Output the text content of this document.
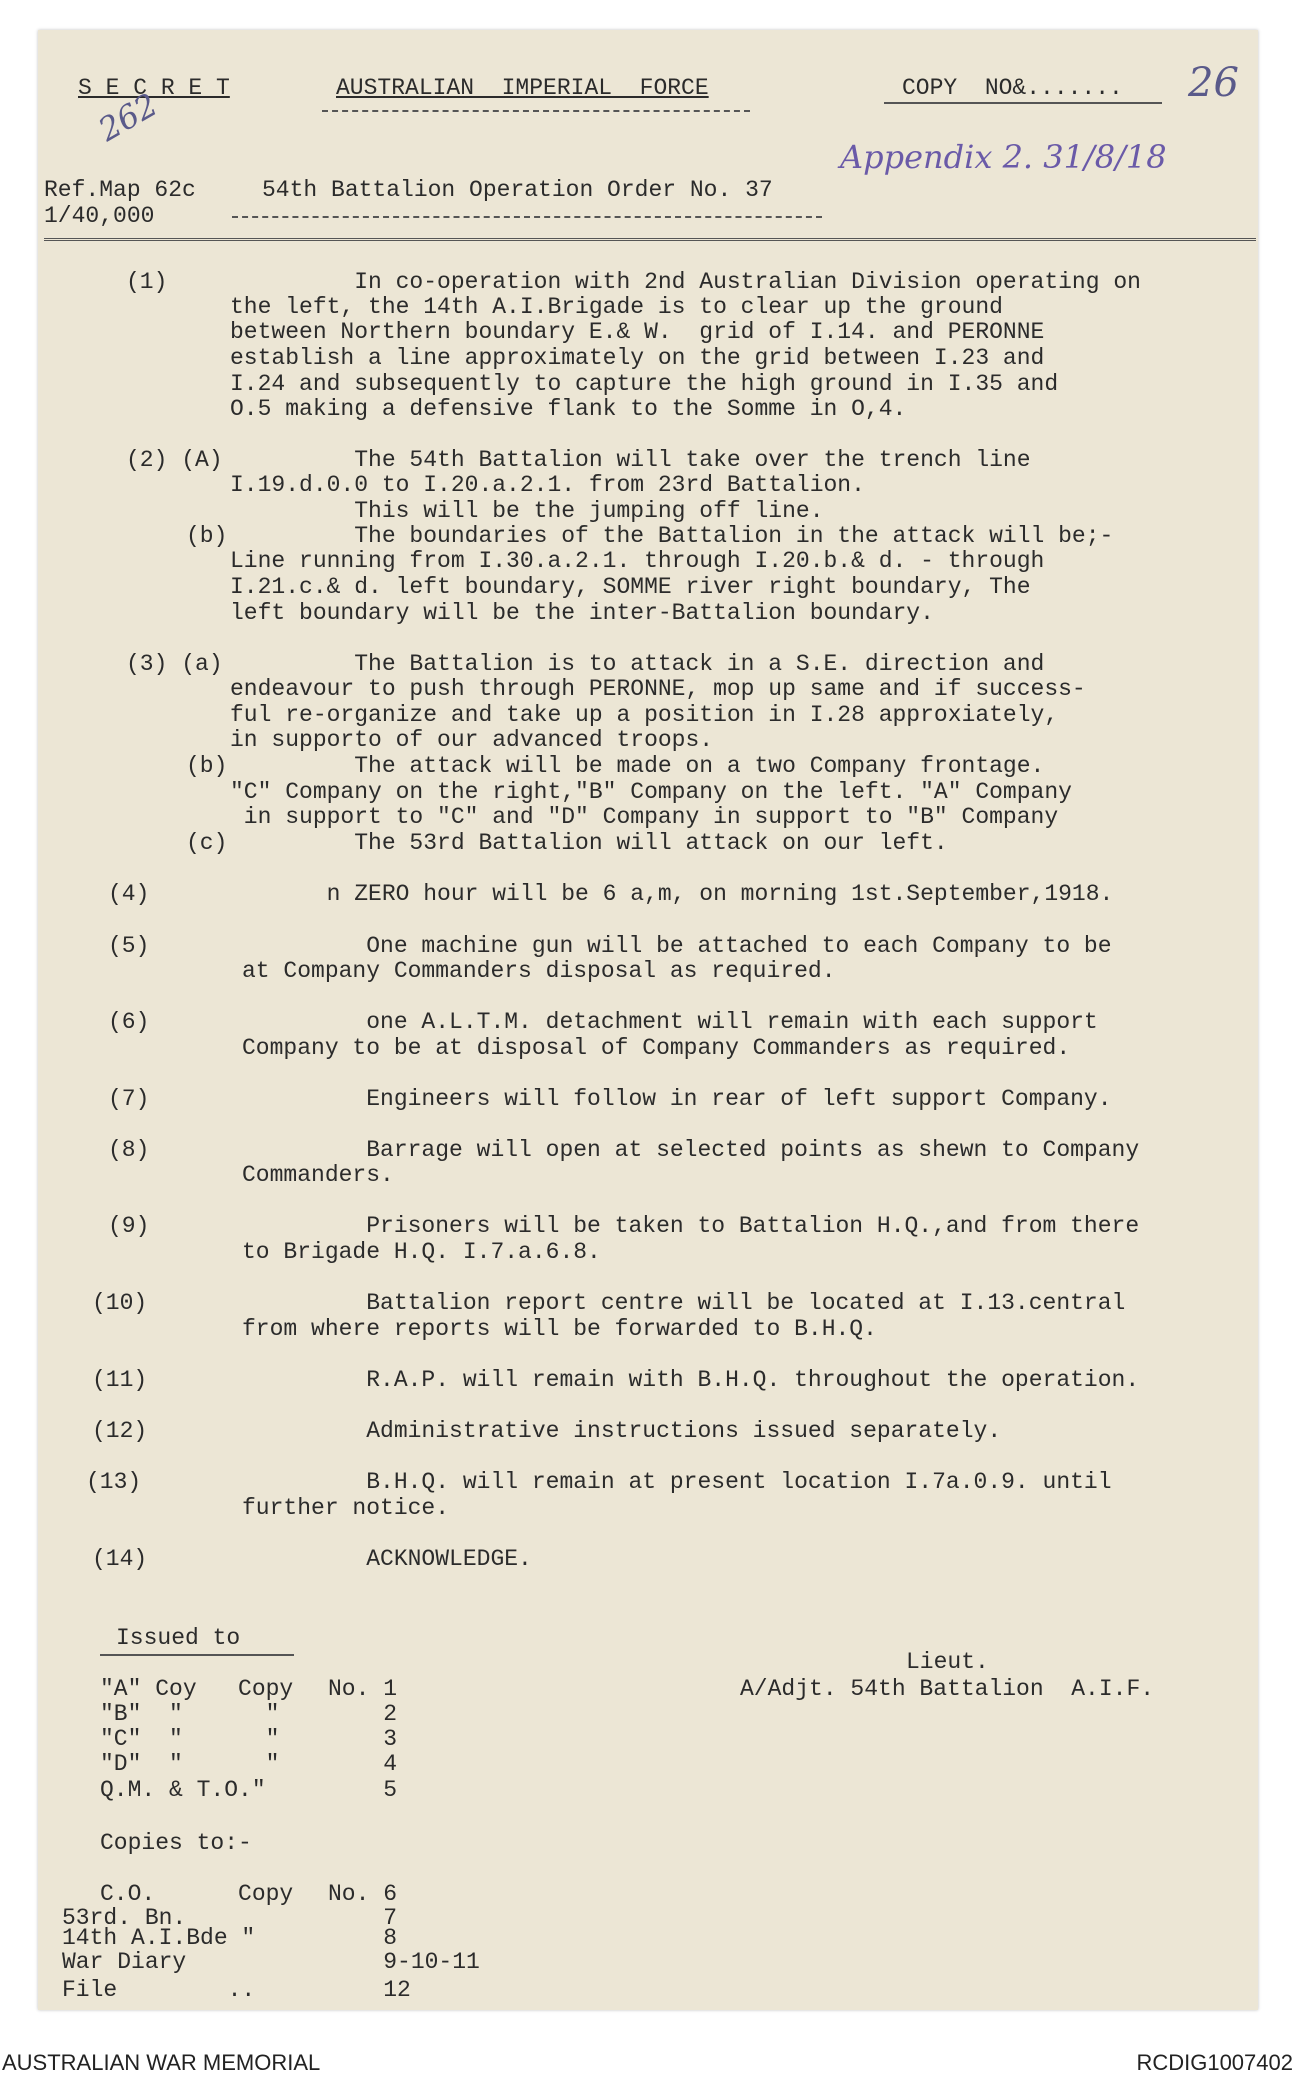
S E C R E T	AUSTRALIAN  IMPERIAL  FORCE	COPY  NO&....... 26
262
Appendix 2. 31/8/18
Ref.Map 62c
1/40,000
54th Battalion Operation Order No. 37
(1)	In co-operation with 2nd Australian Division operating on
the left, the 14th A.I.Brigade is to clear up the ground
between Northern boundary E.& W.  grid of I.14. and PERONNE
establish a line approximately on the grid between I.23 and
I.24 and subsequently to capture the high ground in I.35 and
O.5 making a defensive flank to the Somme in O,4.
(2) (A) The 54th Battalion will take over the trench line
I.19.d.0.0 to I.20.a.2.1. from 23rd Battalion.
This will be the jumping off line.
(b) The boundaries of the Battalion in the attack will be;-
Line running from I.30.a.2.1. through I.20.b.& d. - through
I.21.c.& d. left boundary, SOMME river right boundary, The
left boundary will be the inter-Battalion boundary.
(3) (a) The Battalion is to attack in a S.E. direction and
endeavour to push through PERONNE, mop up same and if success-
ful re-organize and take up a position in I.28 approxiately,
in supporto of our advanced troops.
(b) The attack will be made on a two Company frontage.
"C" Company on the right,"B" Company on the left. "A" Company
in support to "C" and "D" Company in support to "B" Company
(c) The 53rd Battalion will attack on our left.
(4)	n ZERO hour will be 6 a,m, on morning 1st.September,1918.
(5)	One machine gun will be attached to each Company to be
at Company Commanders disposal as required.
(6)	one A.L.T.M. detachment will remain with each support
Company to be at disposal of Company Commanders as required.
(7)	Engineers will follow in rear of left support Company.
(8)	Barrage will open at selected points as shewn to Company
Commanders.
(9)	Prisoners will be taken to Battalion H.Q.,and from there
to Brigade H.Q. I.7.a.6.8.
(10)	Battalion report centre will be located at I.13.central
from where reports will be forwarded to B.H.Q.
(11)	R.A.P. will remain with B.H.Q. throughout the operation.
(12)	Administrative instructions issued separately.
(13)	B.H.Q. will remain at present location I.7a.0.9. until
further notice.
(14)	ACKNOWLEDGE.
Issued to
"A" Coy   Copy No. 1
"B"  "      " 2
"C"  "      " 3
"D"  "      " 4
Q.M. & T.O."	5
Lieut.
A/Adjt. 54th Battalion  A.I.F.
Copies to:-
C.O.      Copy No. 6
53rd. Bn.	7
14th A.I.Bde "	8
War Diary	9-10-11
File        ..	12
AUSTRALIAN WAR MEMORIAL	RCDIG1007402
